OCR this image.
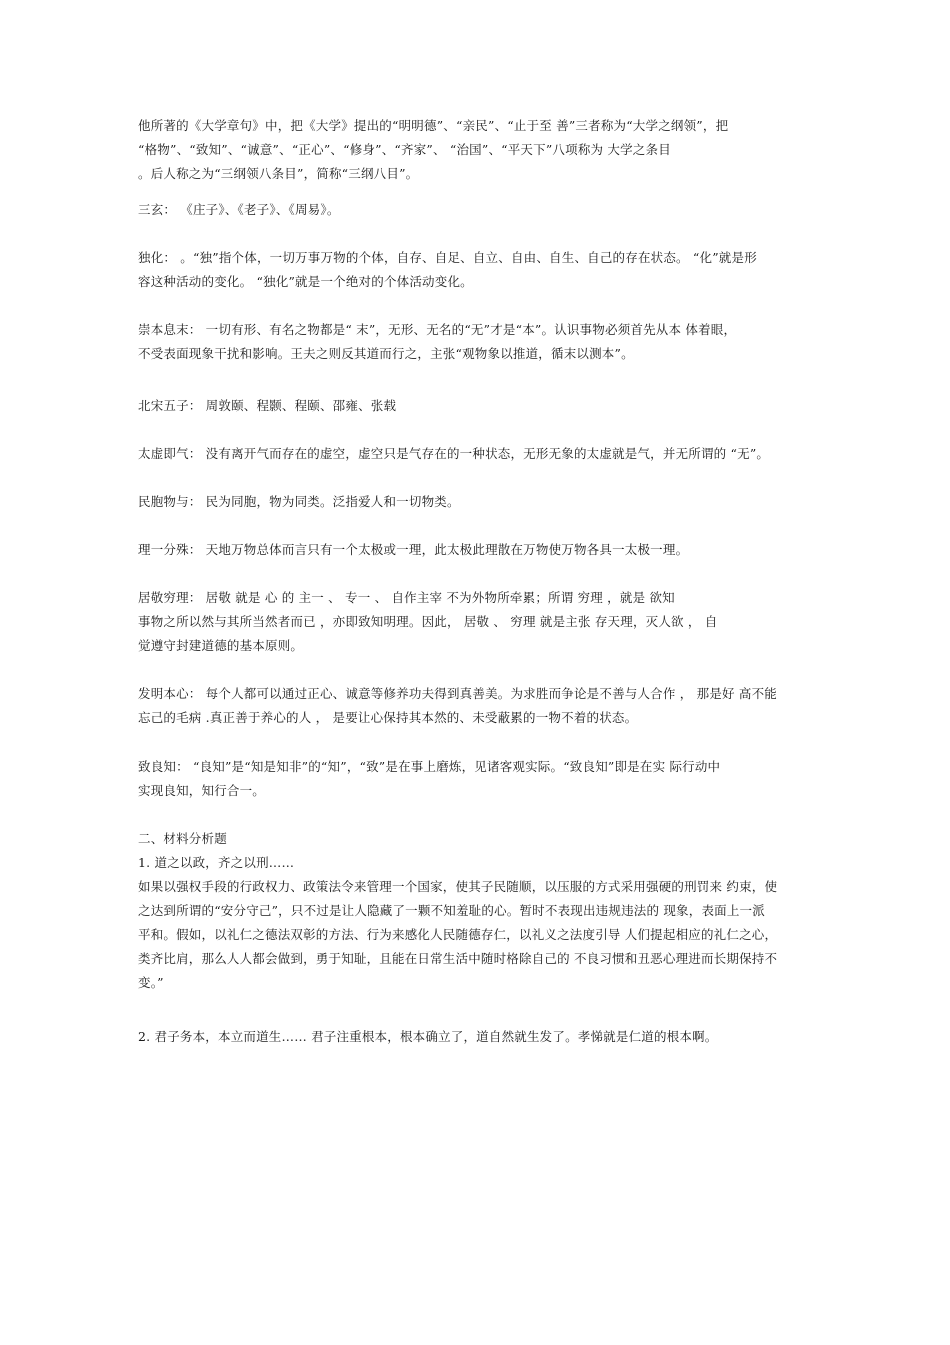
他所著的《大学章句》中，把《大学》提出的“明明德”、“亲民”、“止于至 善”三者称为“大学之纲领”，把
“格物”、“致知”、“诚意”、“正心”、“修身”、“齐家”、 “治国”、“平天下”八项称为 大学之条目
。后人称之为“三纲领八条目”，简称“三纲八目”。
三玄： 《庄子》、《老子》、《周易》。
独化： 。“独”指个体，一切万事万物的个体，自存、自足、自立、自由、自生、自己的存在状态。 “化”就是形
容这种活动的变化。 “独化”就是一个绝对的个体活动变化。
崇本息末： 一切有形、有名之物都是“ 末”，无形、无名的“无”才是“本”。认识事物必须首先从本 体着眼，
不受表面现象干扰和影响。王夫之则反其道而行之，主张“观物象以推道，循末以测本”。
北宋五子： 周敦颐、程颢、程颐、邵雍、张载
太虚即气： 没有离开气而存在的虚空，虚空只是气存在的一种状态，无形无象的太虚就是气，并无所谓的 “无”。
民胞物与： 民为同胞，物为同类。泛指爱人和一切物类。
理一分殊： 天地万物总体而言只有一个太极或一理，此太极此理散在万物使万物各具一太极一理。
居敬穷理： 居敬 就是 心 的 主一 、 专一 、 自作主宰 不为外物所牵累；所谓 穷理 ，就是 欲知
事物之所以然与其所当然者而已 ，亦即致知明理。因此， 居敬 、 穷理 就是主张 存天理，灭人欲 ， 自
觉遵守封建道德的基本原则。
发明本心： 每个人都可以通过正心、诚意等修养功夫得到真善美。为求胜而争论是不善与人合作 ， 那是好 高不能
忘己的毛病 .真正善于养心的人 ， 是要让心保持其本然的、未受蔽累的一物不着的状态。
致良知： “良知”是“知是知非”的“知”，“致”是在事上磨炼，见诸客观实际。“致良知”即是在实 际行动中
实现良知，知行合一。
二、材料分析题
1. 道之以政，齐之以刑……
如果以强权手段的行政权力、政策法令来管理一个国家，使其子民随顺，以压服的方式采用强硬的刑罚来 约束，使
之达到所谓的“安分守己”，只不过是让人隐藏了一颗不知羞耻的心。暂时不表现出违规违法的 现象，表面上一派
平和。假如，以礼仁之德法双彰的方法、行为来感化人民随德存仁，以礼义之法度引导 人们提起相应的礼仁之心，
类齐比肩，那么人人都会做到，勇于知耻，且能在日常生活中随时格除自己的 不良习惯和丑恶心理进而长期保持不
变。”
2. 君子务本，本立而道生…… 君子注重根本，根本确立了，道自然就生发了。孝悌就是仁道的根本啊。
